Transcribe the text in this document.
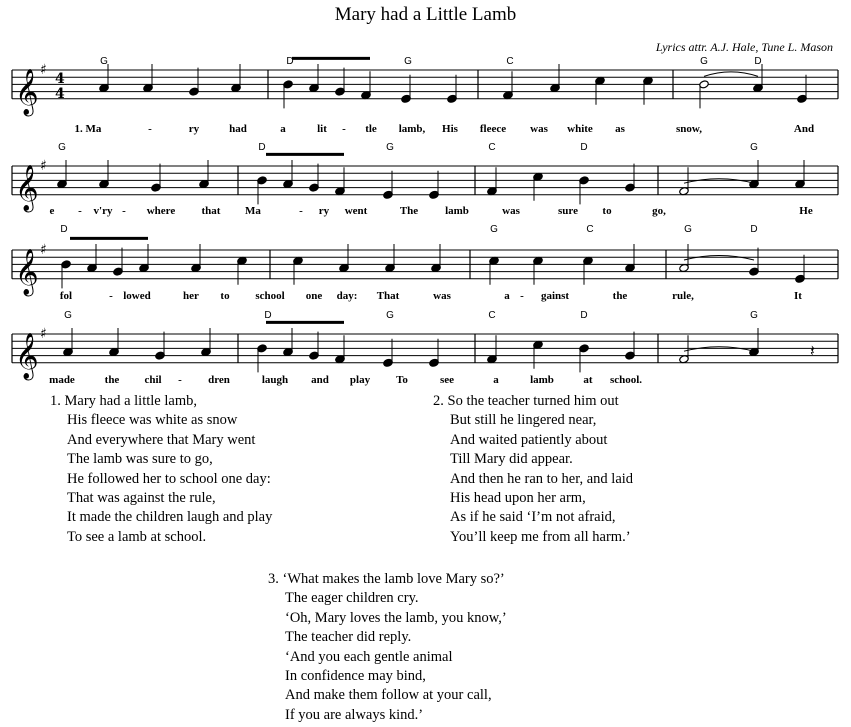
𝄞 ♯
4
4
G	D	G	C	G	D
1. Ma	-	ry	had	a	lit - tle lamb, His fleece was white as	snow,	And
𝄞 ♯
G	D	G	C	D	G
e - v'ry - where that Ma	- ry went	The lamb	was	sure to	go,	He
𝄞 ♯
D	G	C	G	D
fol	- lowed	her to school one day: That	was	a - gainst	the	rule,	It
𝄞 ♯
G	D	G	C	D	G
made	the chil - dren	laugh and play To	see	a	lamb	at school.
𝄽
Mary had a Little Lamb
Lyrics attr. A.J. Hale, Tune L. Mason
1. Mary had a little lamb,
His fleece was white as snow
And everywhere that Mary went
The lamb was sure to go,
He followed her to school one day:
That was against the rule,
It made the children laugh and play
To see a lamb at school.
2. So the teacher turned him out
But still he lingered near,
And waited patiently about
Till Mary did appear.
And then he ran to her, and laid
His head upon her arm,
As if he said ‘I’m not afraid,
You’ll keep me from all harm.’
3. ‘What makes the lamb love Mary so?’
The eager children cry.
‘Oh, Mary loves the lamb, you know,’
The teacher did reply.
‘And you each gentle animal
In confidence may bind,
And make them follow at your call,
If you are always kind.’
